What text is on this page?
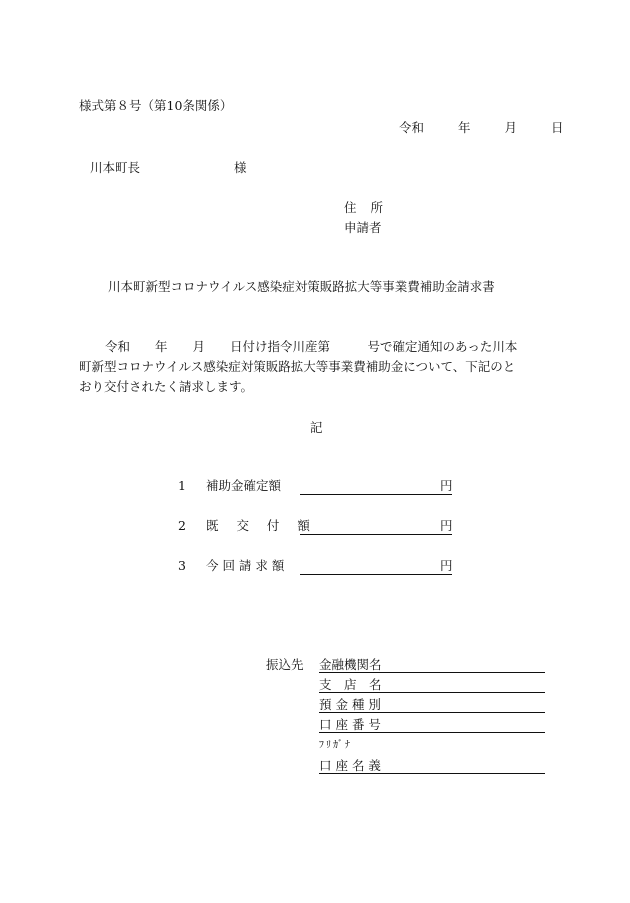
様式第８号（第10条関係）
令和	年	月	日
川本町長	様
住 所
申請者
川本町新型コロナウイルス感染症対策販路拡大等事業費補助金請求書
令和　　年　　月　　日付け指令川産第　　　号で確定通知のあった川本
町新型コロナウイルス感染症対策販路拡大等事業費補助金について、下記のと
おり交付されたく請求します。
記
1 補助金確定額	円
2 既 交 付 額	円
3 今 回 請 求 額	円
振込先 金融機関名
支　店　名
預 金 種 別
口 座 番 号
ﾌﾘｶﾞﾅ
口 座 名 義
